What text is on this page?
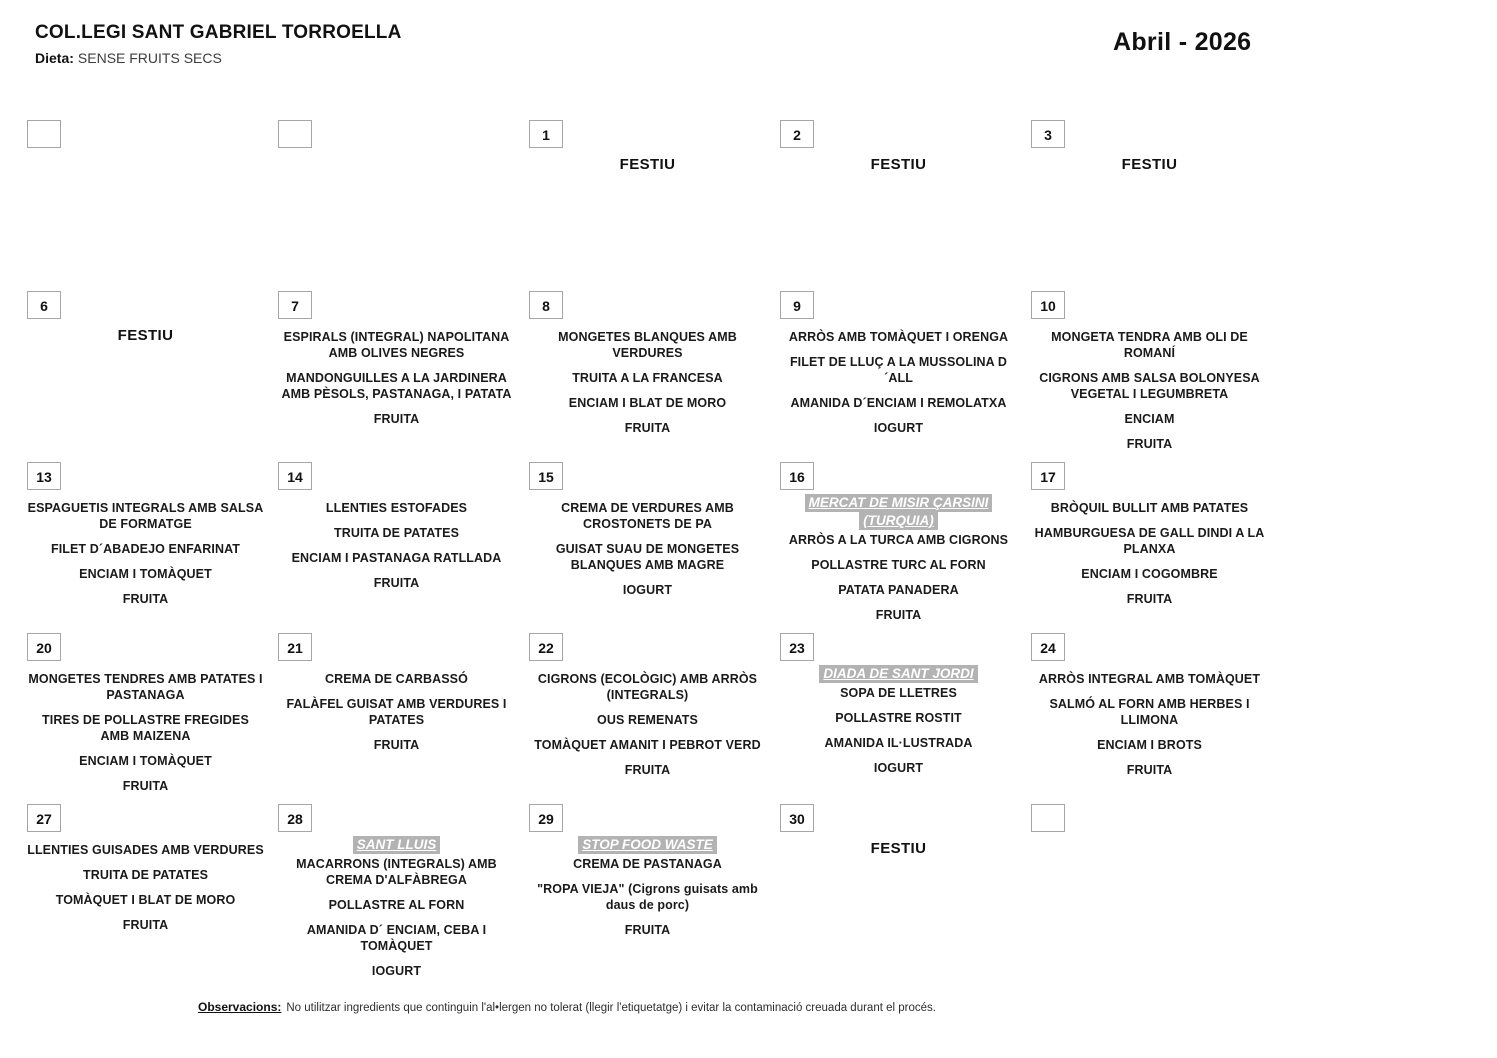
COL.LEGI SANT GABRIEL TORROELLA
Dieta: SENSE FRUITS SECS
Abril - 2026
1
FESTIU
2
FESTIU
3
FESTIU
6
FESTIU
7
ESPIRALS (INTEGRAL) NAPOLITANA AMB OLIVES NEGRES
MANDONGUILLES A LA JARDINERA AMB PÈSOLS, PASTANAGA, I PATATA
FRUITA
8
MONGETES BLANQUES AMB VERDURES
TRUITA A LA FRANCESA
ENCIAM I BLAT DE MORO
FRUITA
9
ARRÒS AMB TOMÀQUET I ORENGA
FILET DE LLUÇ A LA MUSSOLINA D´ALL
AMANIDA D´ENCIAM I REMOLATXA
IOGURT
10
MONGETA TENDRA AMB OLI DE ROMANÍ
CIGRONS AMB SALSA BOLONYESA VEGETAL I LEGUMBRETA
ENCIAM
FRUITA
13
ESPAGUETIS INTEGRALS AMB SALSA DE FORMATGE
FILET D´ABADEJO ENFARINAT
ENCIAM I TOMÀQUET
FRUITA
14
LLENTIES ESTOFADES
TRUITA DE PATATES
ENCIAM I PASTANAGA RATLLADA
FRUITA
15
CREMA DE VERDURES AMB CROSTONETS DE PA
GUISAT SUAU DE MONGETES BLANQUES AMB MAGRE
IOGURT
16
MERCAT DE MISIR ÇARSINI
(TURQUIA)
ARRÒS A LA TURCA AMB CIGRONS
POLLASTRE TURC AL FORN
PATATA PANADERA
FRUITA
17
BRÒQUIL BULLIT AMB PATATES
HAMBURGUESA DE GALL DINDI A LA PLANXA
ENCIAM I COGOMBRE
FRUITA
20
MONGETES TENDRES AMB PATATES I PASTANAGA
TIRES DE POLLASTRE FREGIDES AMB MAIZENA
ENCIAM I TOMÀQUET
FRUITA
21
CREMA DE CARBASSÓ
FALÀFEL GUISAT AMB VERDURES I PATATES
FRUITA
22
CIGRONS (ECOLÒGIC) AMB ARRÒS (INTEGRALS)
OUS REMENATS
TOMÀQUET AMANIT I PEBROT VERD
FRUITA
23
DIADA DE SANT JORDI
SOPA DE LLETRES
POLLASTRE ROSTIT
AMANIDA IL·LUSTRADA
IOGURT
24
ARRÒS INTEGRAL AMB TOMÀQUET
SALMÓ AL FORN AMB HERBES I LLIMONA
ENCIAM I BROTS
FRUITA
27
LLENTIES GUISADES AMB VERDURES
TRUITA DE PATATES
TOMÀQUET I BLAT DE MORO
FRUITA
28
SANT LLUIS
MACARRONS (INTEGRALS) AMB CREMA D'ALFÀBREGA
POLLASTRE AL FORN
AMANIDA D´ ENCIAM, CEBA I TOMÀQUET
IOGURT
29
STOP FOOD WASTE
CREMA DE PASTANAGA
"ROPA VIEJA" (Cigrons guisats amb daus de porc)
FRUITA
30
FESTIU
Observacions: No utilitzar ingredients que continguin l'al•lergen no tolerat (llegir l'etiquetatge) i evitar la contaminació creuada durant el procés.
